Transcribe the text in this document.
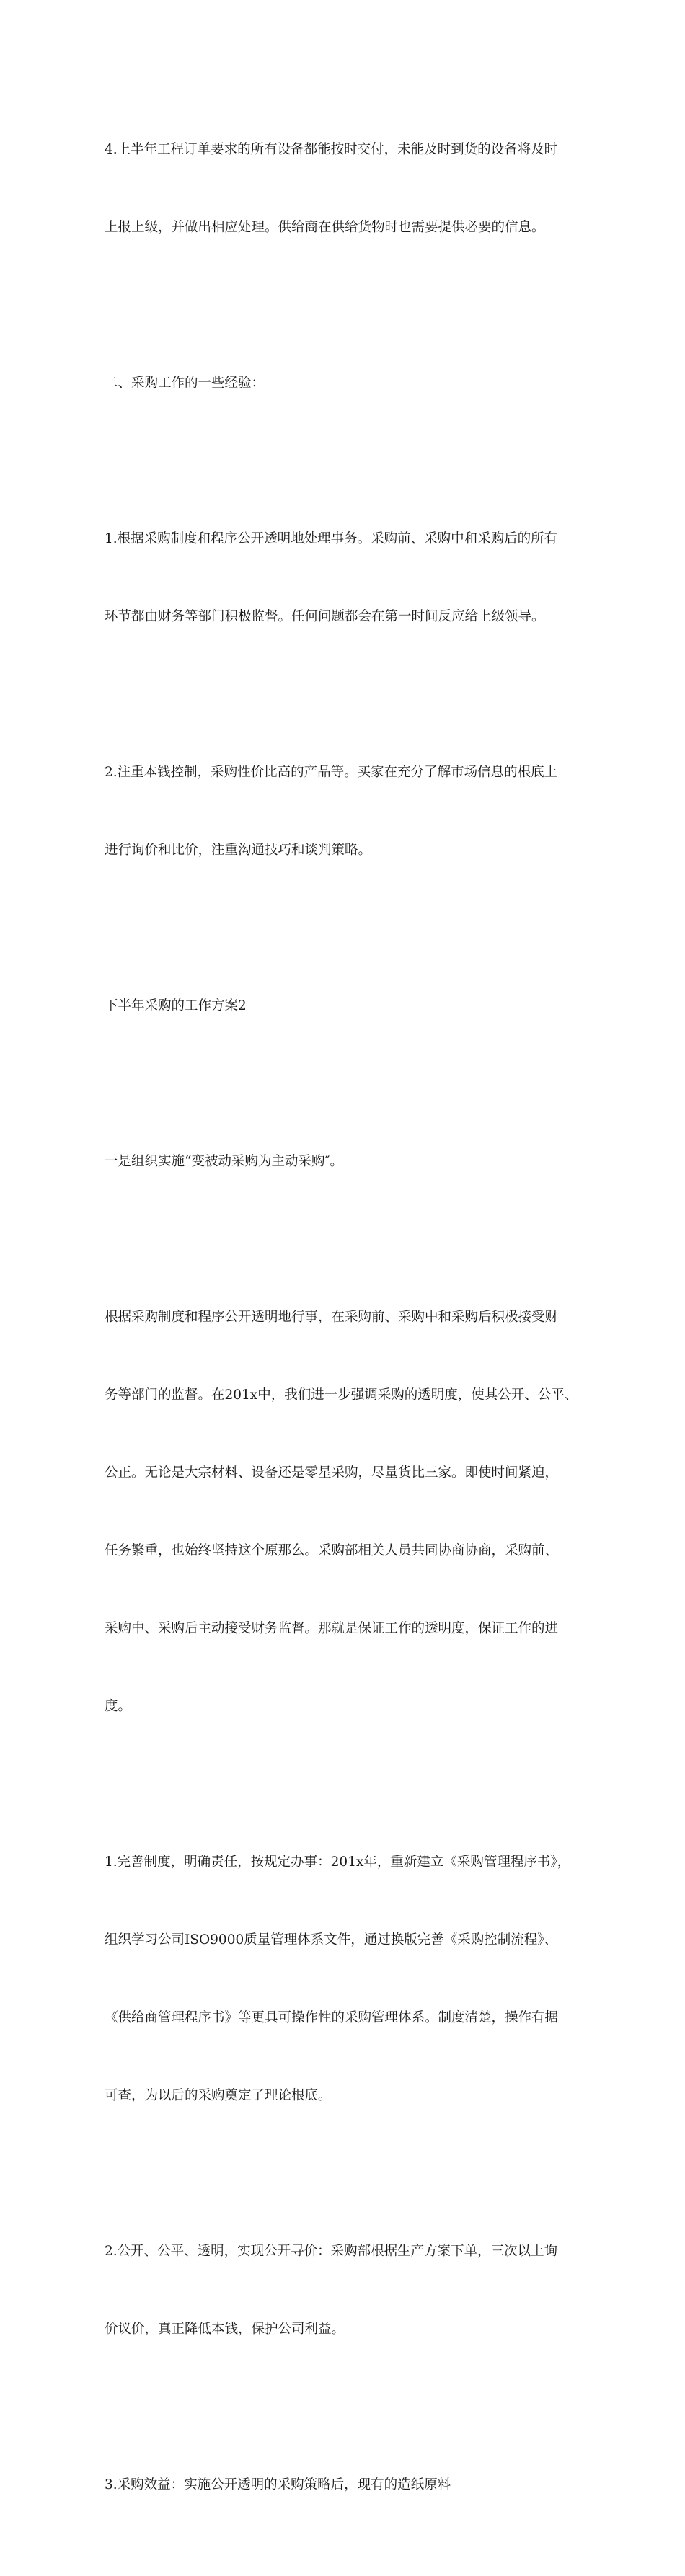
4.上半年工程订单要求的所有设备都能按时交付，未能及时到货的设备将及时

上报上级，并做出相应处理。供给商在供给货物时也需要提供必要的信息。

二、采购工作的一些经验：

1.根据采购制度和程序公开透明地处理事务。采购前、采购中和采购后的所有

环节都由财务等部门积极监督。任何问题都会在第一时间反应给上级领导。

2.注重本钱控制，采购性价比高的产品等。买家在充分了解市场信息的根底上

进行询价和比价，注重沟通技巧和谈判策略。

下半年采购的工作方案2

一是组织实施“变被动采购为主动采购″。

根据采购制度和程序公开透明地行事，在采购前、采购中和采购后积极接受财

务等部门的监督。在201x中，我们进一步强调采购的透明度，使其公开、公平、

公正。无论是大宗材料、设备还是零星采购，尽量货比三家。即使时间紧迫，

任务繁重，也始终坚持这个原那么。采购部相关人员共同协商协商，采购前、

采购中、采购后主动接受财务监督。那就是保证工作的透明度，保证工作的进

度。

1.完善制度，明确责任，按规定办事：201x年，重新建立《采购管理程序书》，

组织学习公司ISO9000质量管理体系文件，通过换版完善《采购控制流程》、

《供给商管理程序书》等更具可操作性的采购管理体系。制度清楚，操作有据

可查，为以后的采购奠定了理论根底。

2.公开、公平、透明，实现公开寻价：采购部根据生产方案下单，三次以上询

价议价，真正降低本钱，保护公司利益。

3.采购效益：实施公开透明的采购策略后，现有的造纸原料
